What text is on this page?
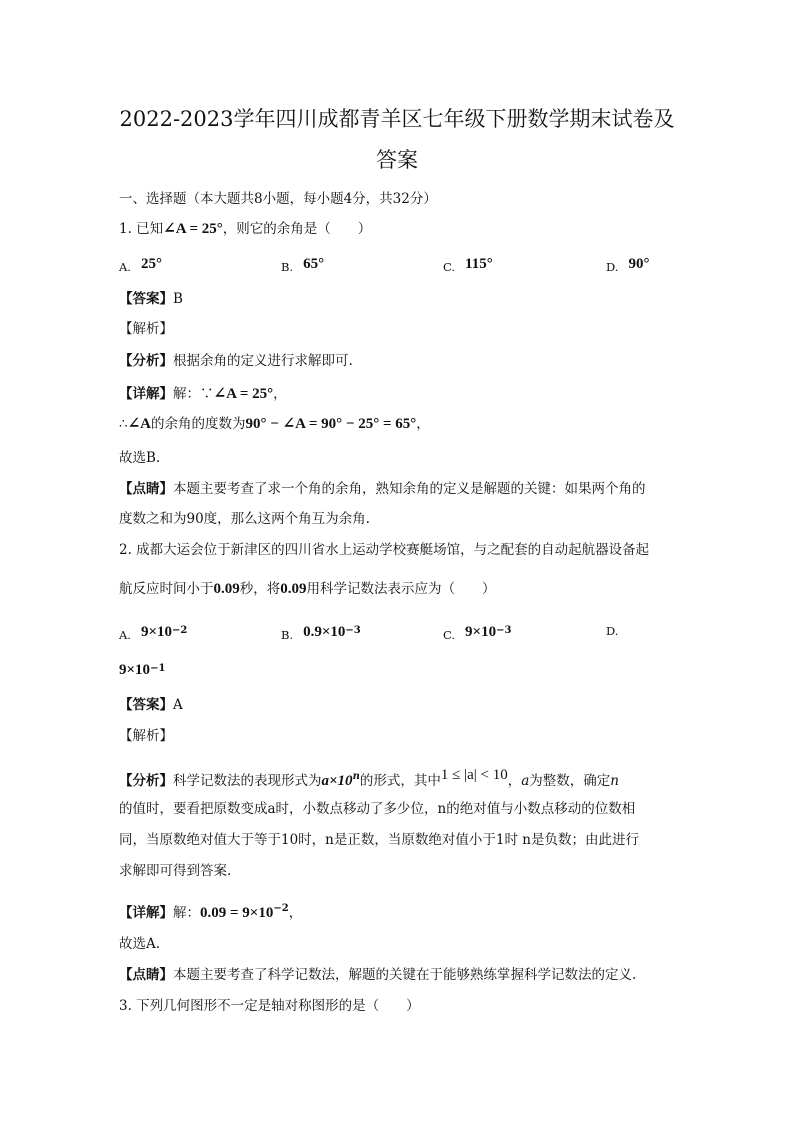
2022-2023学年四川成都青羊区七年级下册数学期末试卷及
答案
一、选择题（本大题共8小题，每小题4分，共32分）
1. 已知∠A = 25°，则它的余角是（　　）
A. 25°	B. 65°	C. 115°	D. 90°
【答案】B
【解析】
【分析】根据余角的定义进行求解即可.
【详解】解：∵∠A = 25°，
∴∠A的余角的度数为90° − ∠A = 90° − 25° = 65°，
故选B.
【点睛】本题主要考查了求一个角的余角，熟知余角的定义是解题的关键：如果两个角的
度数之和为90度，那么这两个角互为余角.
2. 成都大运会位于新津区的四川省水上运动学校赛艇场馆，与之配套的自动起航器设备起
航反应时间小于0.09秒，将0.09用科学记数法表示应为（　　）
A. $9\times 10^{-2}$	B. $0.9\times 10^{-3}$	C. $9\times 10^{-3}$	D.
$9\times 10^{-1}$
【答案】A
【解析】
【分析】科学记数法的表现形式为$a\times 10^n$的形式，其中1 ≤ |a| < 10，a为整数，确定n
的值时，要看把原数变成a时，小数点移动了多少位，n的绝对值与小数点移动的位数相
同，当原数绝对值大于等于10时，n是正数，当原数绝对值小于1时 n是负数；由此进行
求解即可得到答案.
【详解】解：$0.09 = 9\times 10^{-2}$，
故选A.
【点睛】本题主要考查了科学记数法，解题的关键在于能够熟练掌握科学记数法的定义.
3. 下列几何图形不一定是轴对称图形的是（　　）
